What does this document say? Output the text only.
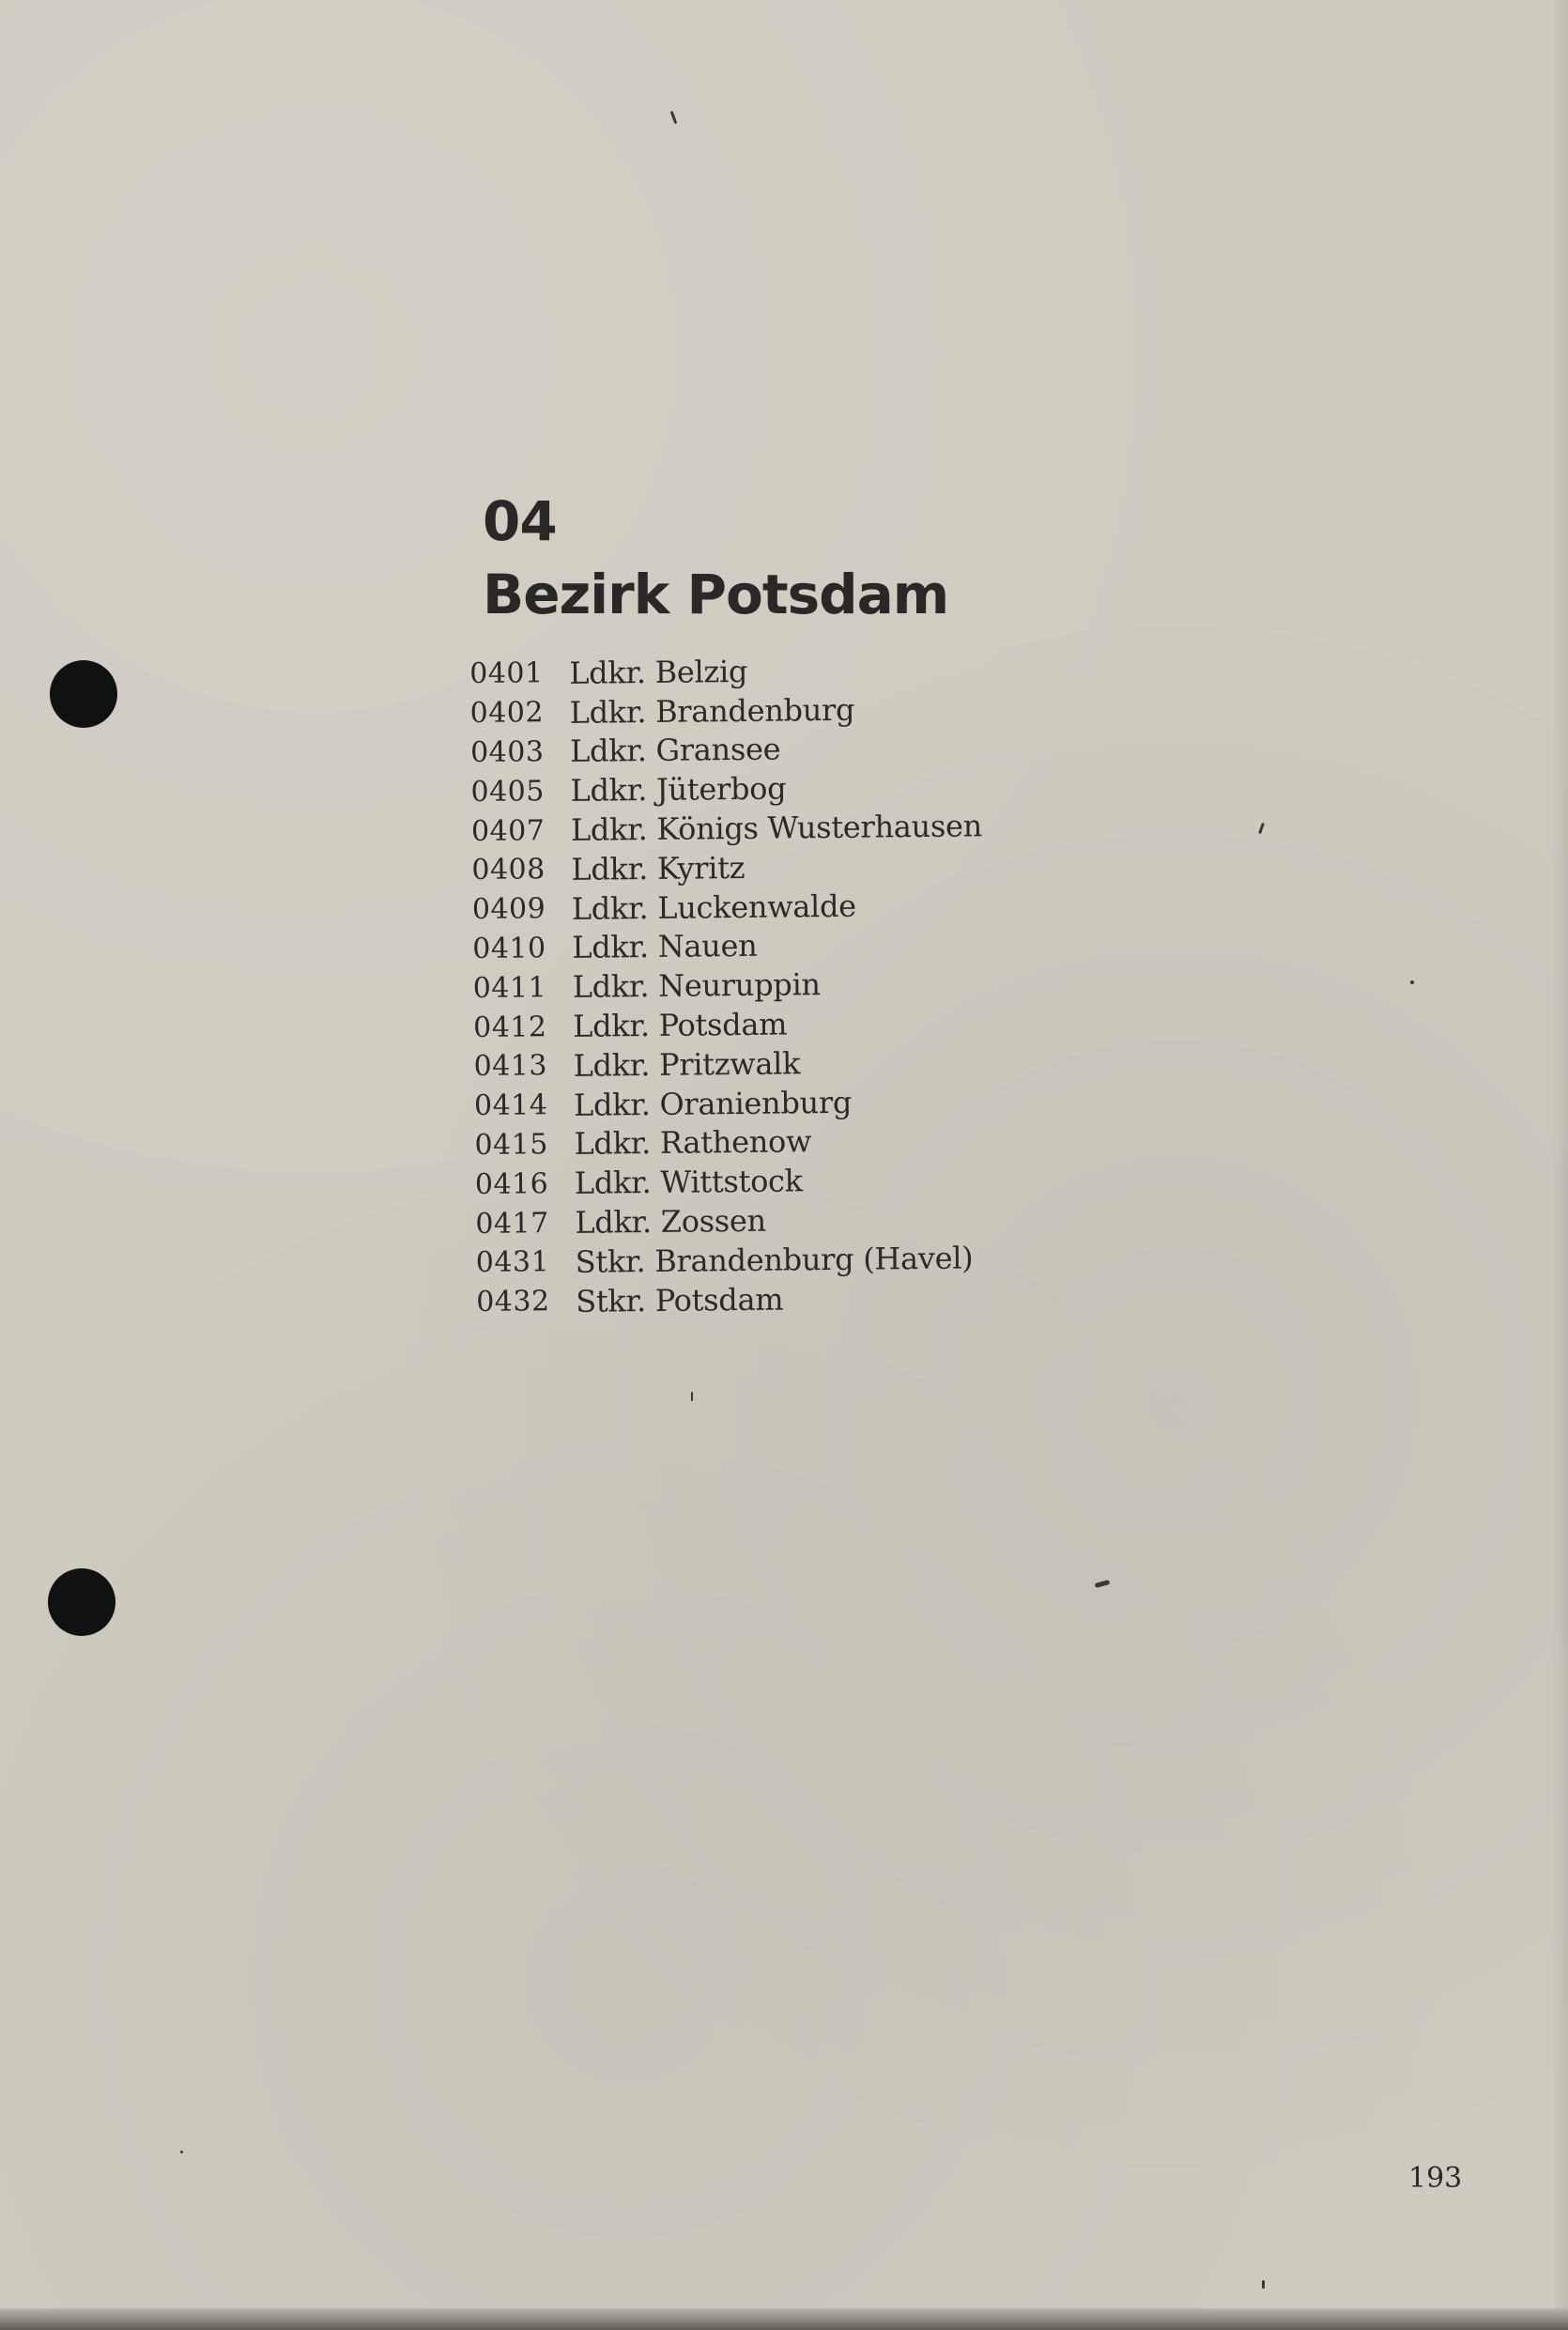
04
Bezirk Potsdam
0401 Ldkr. Belzig
0402 Ldkr. Brandenburg
0403 Ldkr. Gransee
0405 Ldkr. Jüterbog
0407 Ldkr. Königs Wusterhausen
0408 Ldkr. Kyritz
0409 Ldkr. Luckenwalde
0410 Ldkr. Nauen
0411 Ldkr. Neuruppin
0412 Ldkr. Potsdam
0413 Ldkr. Pritzwalk
0414 Ldkr. Oranienburg
0415 Ldkr. Rathenow
0416 Ldkr. Wittstock
0417 Ldkr. Zossen
0431 Stkr. Brandenburg (Havel)
0432 Stkr. Potsdam
193
